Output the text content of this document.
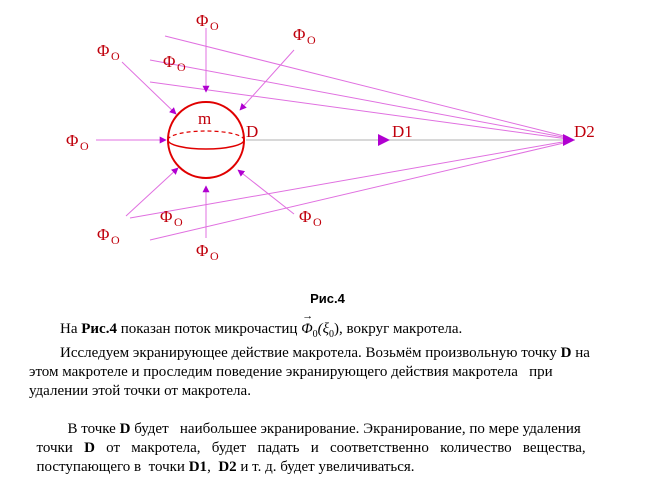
m
D	D1	D2
Φ О	Φ О
Φ О	Φ О
Φ О
Φ О	Φ О
Φ О
Φ О
Рис.4
На Рис.4 показан поток микрочастиц
→
$\Phi_0(\xi_0)$, вокруг макротела.
Исследуем экранирующее действие макротела. Возьмём произвольную точку D на
этом макротеле и проследим поведение экранирующего действия макротела   при
удалении этой точки от макротела.

В точке D будет   наибольшее экранирование. Экранирование, по мере удаления

точки   D   от   макротела,   будет   падать   и   соответственно   количество   вещества,

поступающего в  точки D1,  D2 и т. д. будет увеличиваться.
